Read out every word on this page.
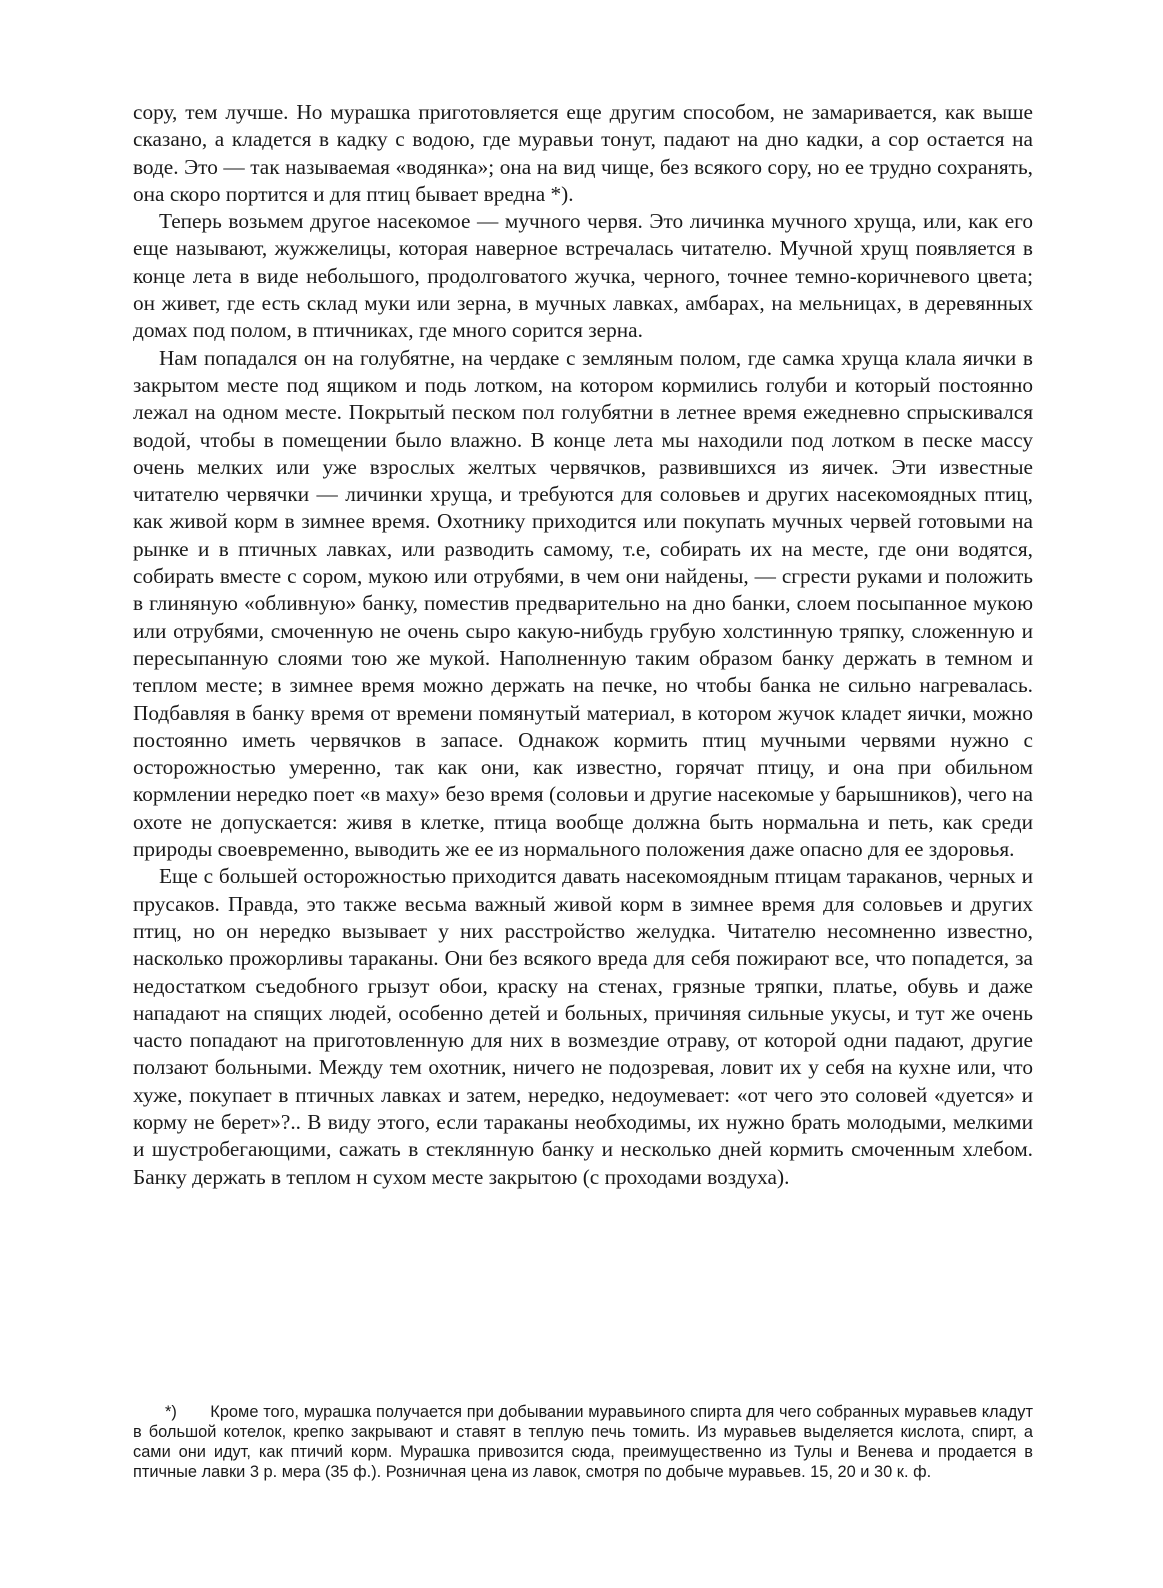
сору, тем лучше. Но мурашка приготовляется еще другим способом, не замаривается, как выше сказано, а кладется в кадку с водою, где муравьи тонут, падают на дно кадки, а сор остается на воде. Это — так называемая «водянка»; она на вид чище, без всякого сору, но ее трудно сохранять, она скоро портится и для птиц бывает вредна *).

Теперь возьмем другое насекомое — мучного червя. Это личинка мучного хруща, или, как его еще называют, жужжелицы, которая наверное встречалась читателю. Мучной хрущ появляется в конце лета в виде небольшого, продолговатого жучка, черного, точнее темно-коричневого цвета; он живет, где есть склад муки или зерна, в мучных лавках, амбарах, на мельницах, в деревянных домах под полом, в птичниках, где много сорится зерна.

Нам попадался он на голубятне, на чердаке с земляным полом, где самка хруща клала яички в закрытом месте под ящиком и подь лотком, на котором кормились голуби и который постоянно лежал на одном месте. Покрытый песком пол голубятни в летнее время ежедневно спрыскивался водой, чтобы в помещении было влажно. В конце лета мы находили под лотком в песке массу очень мелких или уже взрослых желтых червячков, развившихся из яичек. Эти известные читателю червячки — личинки хруща, и требуются для соловьев и других насекомоядных птиц, как живой корм в зимнее время. Охотнику приходится или покупать мучных червей готовыми на рынке и в птичных лавках, или разводить самому, т.е, собирать их на месте, где они водятся, собирать вместе с сором, мукою или отрубями, в чем они найдены, — сгрести руками и положить в глиняную «обливную» банку, поместив предварительно на дно банки, слоем посыпанное мукою или отрубями, смоченную не очень сыро какую-нибудь грубую холстинную тряпку, сложенную и пересыпанную слоями тою же мукой. Наполненную таким образом банку держать в темном и теплом месте; в зимнее время можно держать на печке, но чтобы банка не сильно нагревалась. Подбавляя в банку время от времени помянутый материал, в котором жучок кладет яички, можно постоянно иметь червячков в запасе. Однакож кормить птиц мучными червями нужно с осторожностью умеренно, так как они, как известно, горячат птицу, и она при обильном кормлении нередко поет «в маху» безо время (соловьи и другие насекомые у барышников), чего на охоте не допускается: живя в клетке, птица вообще должна быть нормальна и петь, как среди природы своевременно, выводить же ее из нормального положения даже опасно для ее здоровья.

Еще с большей осторожностью приходится давать насекомоядным птицам тараканов, черных и прусаков. Правда, это также весьма важный живой корм в зимнее время для соловьев и других птиц, но он нередко вызывает у них расстройство желудка. Читателю несомненно известно, насколько прожорливы тараканы. Они без всякого вреда для себя пожирают все, что попадется, за недостатком съедобного грызут обои, краску на стенах, грязные тряпки, платье, обувь и даже нападают на спящих людей, особенно детей и больных, причиняя сильные укусы, и тут же очень часто попадают на приготовленную для них в возмездие отраву, от которой одни падают, другие ползают больными. Между тем охотник, ничего не подозревая, ловит их у себя на кухне или, что хуже, покупает в птичных лавках и затем, нередко, недоумевает: «от чего это соловей «дуется» и корму не берет»?.. В виду этого, если тараканы необходимы, их нужно брать молодыми, мелкими и шустробегающими, сажать в стеклянную банку и несколько дней кормить смоченным хлебом. Банку держать в теплом н сухом месте закрытою (с проходами воздуха).

*) Кроме того, мурашка получается при добывании муравьиного спирта для чего собранных муравьев кладут в большой котелок, крепко закрывают и ставят в теплую печь томить. Из муравьев выделяется кислота, спирт, а сами они идут, как птичий корм. Мурашка привозится сюда, преимущественно из Тулы и Венева и продается в птичные лавки 3 р. мера (35 ф.). Розничная цена из лавок, смотря по добыче муравьев. 15, 20 и 30 к. ф.
